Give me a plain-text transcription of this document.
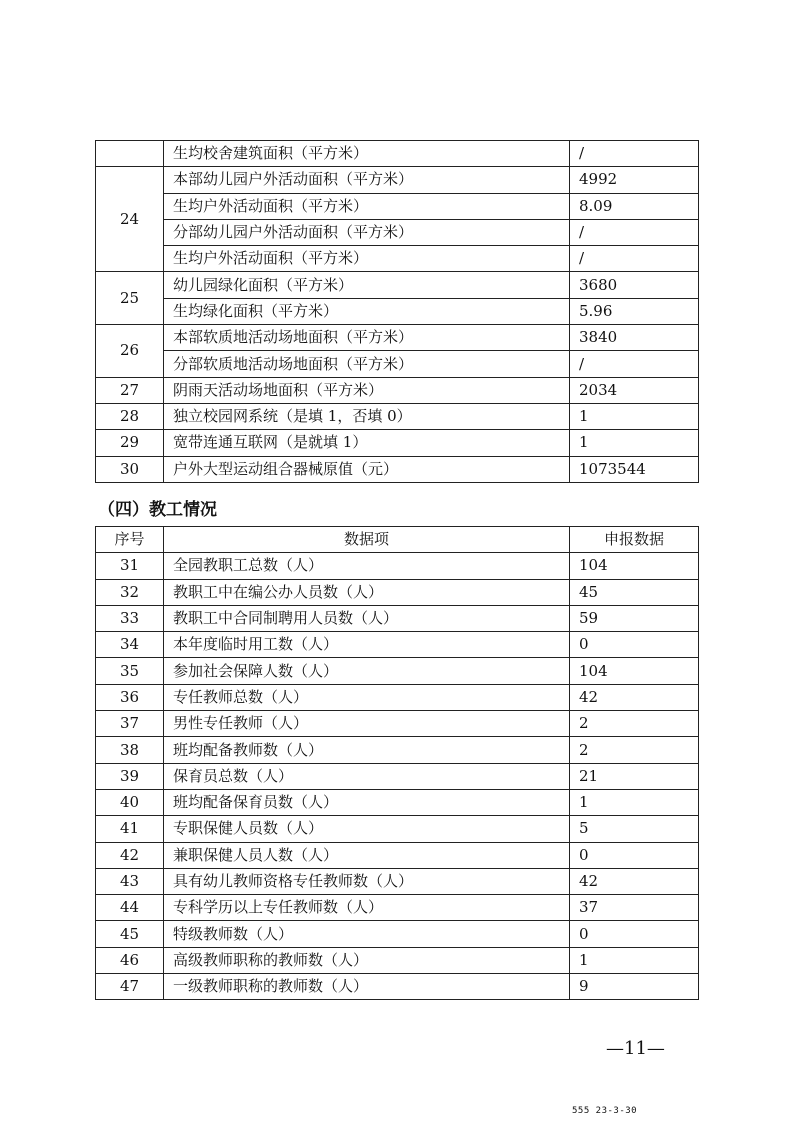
	生均校舍建筑面积（平方米）	/
24	本部幼儿园户外活动面积（平方米）	4992
	生均户外活动面积（平方米）	8.09
	分部幼儿园户外活动面积（平方米）	/
	生均户外活动面积（平方米）	/
25	幼儿园绿化面积（平方米）	3680
	生均绿化面积（平方米）	5.96
26	本部软质地活动场地面积（平方米）	3840
	分部软质地活动场地面积（平方米）	/
27	阴雨天活动场地面积（平方米）	2034
28	独立校园网系统（是填 1，否填 0）	1
29	宽带连通互联网（是就填 1）	1
30	户外大型运动组合器械原值（元）	1073544
（四）教工情况
序号	数据项	申报数据
31	全园教职工总数（人）	104
32	教职工中在编公办人员数（人）	45
33	教职工中合同制聘用人员数（人）	59
34	本年度临时用工数（人）	0
35	参加社会保障人数（人）	104
36	专任教师总数（人）	42
37	男性专任教师（人）	2
38	班均配备教师数（人）	2
39	保育员总数（人）	21
40	班均配备保育员数（人）	1
41	专职保健人员数（人）	5
42	兼职保健人员人数（人）	0
43	具有幼儿教师资格专任教师数（人）	42
44	专科学历以上专任教师数（人）	37
45	特级教师数（人）	0
46	高级教师职称的教师数（人）	1
47	一级教师职称的教师数（人）	9
—11—
555 23-3-30
